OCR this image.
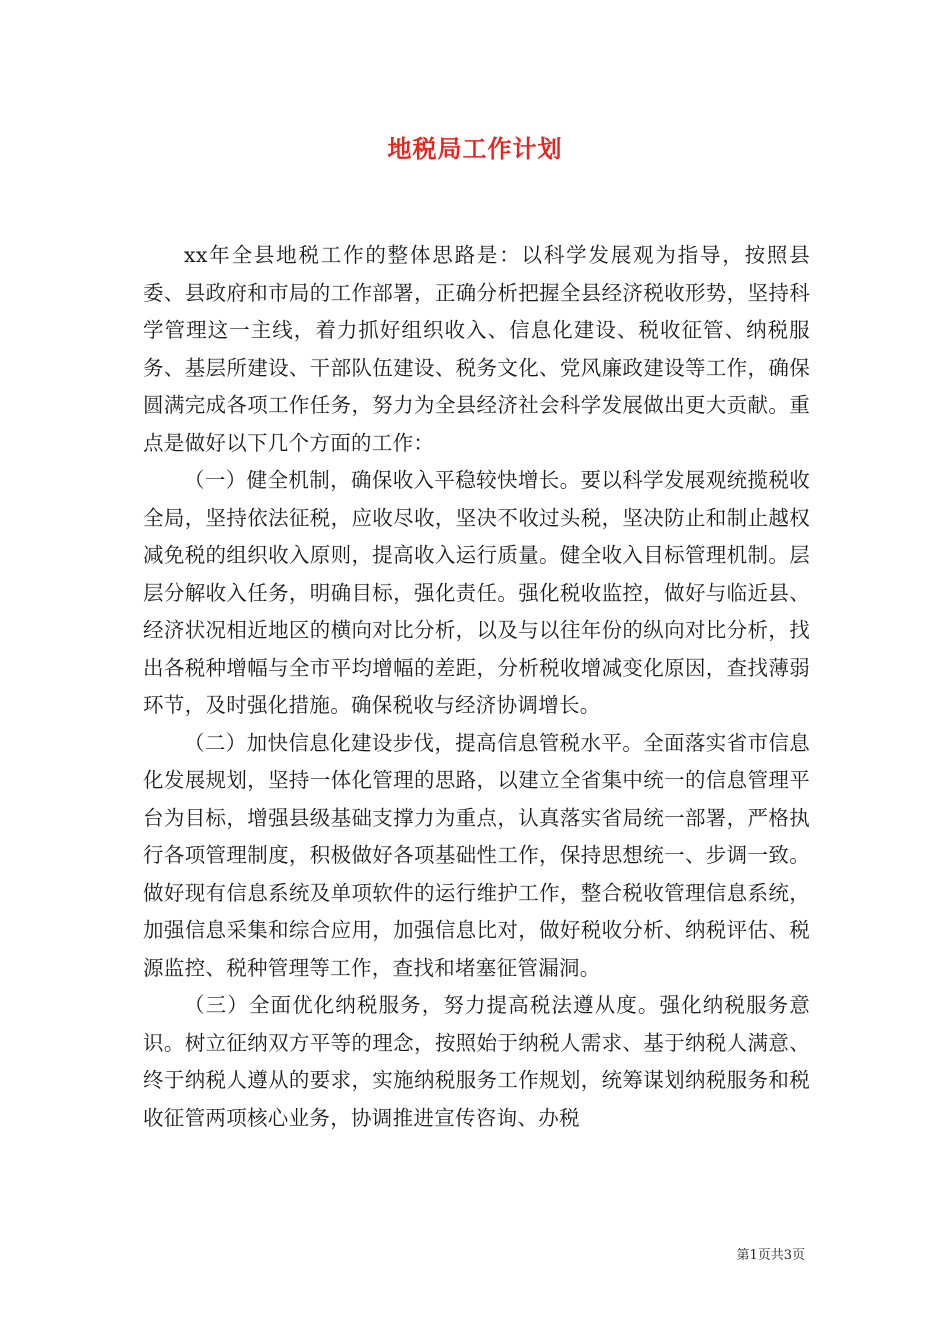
地税局工作计划

xx年全县地税工作的整体思路是：以科学发展观为指导，按照县委、县政府和市局的工作部署，正确分析把握全县经济税收形势，坚持科学管理这一主线，着力抓好组织收入、信息化建设、税收征管、纳税服务、基层所建设、干部队伍建设、税务文化、党风廉政建设等工作，确保圆满完成各项工作任务，努力为全县经济社会科学发展做出更大贡献。重点是做好以下几个方面的工作：

（一）健全机制，确保收入平稳较快增长。要以科学发展观统揽税收全局，坚持依法征税，应收尽收，坚决不收过头税，坚决防止和制止越权减免税的组织收入原则，提高收入运行质量。健全收入目标管理机制。层层分解收入任务，明确目标，强化责任。强化税收监控，做好与临近县、经济状况相近地区的横向对比分析，以及与以往年份的纵向对比分析，找出各税种增幅与全市平均增幅的差距，分析税收增减变化原因，查找薄弱环节，及时强化措施。确保税收与经济协调增长。

（二）加快信息化建设步伐，提高信息管税水平。全面落实省市信息化发展规划，坚持一体化管理的思路，以建立全省集中统一的信息管理平台为目标，增强县级基础支撑力为重点，认真落实省局统一部署，严格执行各项管理制度，积极做好各项基础性工作，保持思想统一、步调一致。做好现有信息系统及单项软件的运行维护工作，整合税收管理信息系统，加强信息采集和综合应用，加强信息比对，做好税收分析、纳税评估、税源监控、税种管理等工作，查找和堵塞征管漏洞。

（三）全面优化纳税服务，努力提高税法遵从度。强化纳税服务意识。树立征纳双方平等的理念，按照始于纳税人需求、基于纳税人满意、终于纳税人遵从的要求，实施纳税服务工作规划，统筹谋划纳税服务和税收征管两项核心业务，协调推进宣传咨询、办税

第1页共3页
